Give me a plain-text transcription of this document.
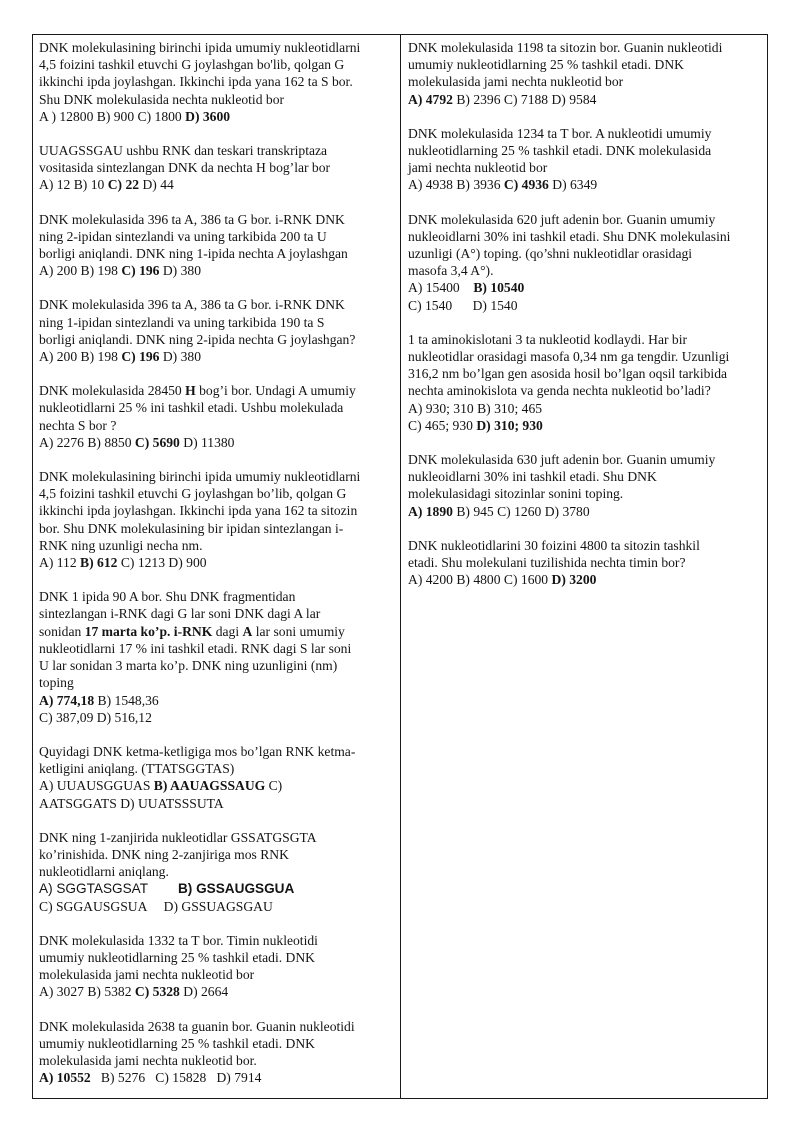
DNK molekulasining birinchi ipida umumiy nukleotidlarni
4,5 foizini tashkil etuvchi G joylashgan bo'lib, qolgan G
ikkinchi ipda joylashgan. Ikkinchi ipda yana 162 ta S bor.
Shu DNK molekulasida nechta nukleotid bor
A ) 12800 B) 900 C) 1800 D) 3600
UUAGSSGAU ushbu RNK dan teskari transkriptaza
vositasida sintezlangan DNK da nechta H bog’lar bor
A) 12 B) 10 C) 22 D) 44
DNK molekulasida 396 ta A, 386 ta G bor. i-RNK DNK
ning 2-ipidan sintezlandi va uning tarkibida 200 ta U
borligi aniqlandi. DNK ning 1-ipida nechta A joylashgan
A) 200 B) 198 C) 196 D) 380
DNK molekulasida 396 ta A, 386 ta G bor. i-RNK DNK
ning 1-ipidan sintezlandi va uning tarkibida 190 ta S
borligi aniqlandi. DNK ning 2-ipida nechta G joylashgan?
A) 200 B) 198 C) 196 D) 380
DNK molekulasida 28450 H bog’i bor. Undagi A umumiy
nukleotidlarni 25 % ini tashkil etadi. Ushbu molekulada
nechta S bor ?
A) 2276 B) 8850 C) 5690 D) 11380
DNK molekulasining birinchi ipida umumiy nukleotidlarni
4,5 foizini tashkil etuvchi G joylashgan bo’lib, qolgan G
ikkinchi ipda joylashgan. Ikkinchi ipda yana 162 ta sitozin
bor. Shu DNK molekulasining bir ipidan sintezlangan i-
RNK ning uzunligi necha nm.
A) 112 B) 612 C) 1213 D) 900
DNK 1 ipida 90 A bor. Shu DNK fragmentidan
sintezlangan i-RNK dagi G lar soni DNK dagi A lar
sonidan 17 marta ko’p. i-RNK dagi A lar soni umumiy
nukleotidlarni 17 % ini tashkil etadi. RNK dagi S lar soni
U lar sonidan 3 marta ko’p. DNK ning uzunligini (nm)
toping
A) 774,18 B) 1548,36
C) 387,09 D) 516,12
Quyidagi DNK ketma-ketligiga mos bo’lgan RNK ketma-
ketligini aniqlang. (TTATSGGTAS)
A) UUAUSGGUAS B) AAUAGSSAUG C)
AATSGGATS D) UUATSSSUTA
DNK ning 1-zanjirida nukleotidlar GSSATGSGTA
ko’rinishida. DNK ning 2-zanjiriga mos RNK
nukleotidlarni aniqlang.
A) SGGTASGSAT        B) GSSAUGSGUA
C) SGGAUSGSUA     D) GSSUAGSGAU
DNK molekulasida 1332 ta T bor. Timin nukleotidi
umumiy nukleotidlarning 25 % tashkil etadi. DNK
molekulasida jami nechta nukleotid bor
A) 3027 B) 5382 C) 5328 D) 2664
DNK molekulasida 2638 ta guanin bor. Guanin nukleotidi
umumiy nukleotidlarning 25 % tashkil etadi. DNK
molekulasida jami nechta nukleotid bor.
A) 10552   B) 5276   C) 15828   D) 7914
DNK molekulasida 1198 ta sitozin bor. Guanin nukleotidi
umumiy nukleotidlarning 25 % tashkil etadi. DNK
molekulasida jami nechta nukleotid bor
A) 4792 B) 2396 C) 7188 D) 9584
DNK molekulasida 1234 ta T bor. A nukleotidi umumiy
nukleotidlarning 25 % tashkil etadi. DNK molekulasida
jami nechta nukleotid bor
A) 4938 B) 3936 C) 4936 D) 6349
DNK molekulasida 620 juft adenin bor. Guanin umumiy
nukleoidlarni 30% ini tashkil etadi. Shu DNK molekulasini
uzunligi (A°) toping. (qo’shni nukleotidlar orasidagi
masofa 3,4 A°).
A) 15400    B) 10540
C) 1540      D) 1540
1 ta aminokislotani 3 ta nukleotid kodlaydi. Har bir
nukleotidlar orasidagi masofa 0,34 nm ga tengdir. Uzunligi
316,2 nm bo’lgan gen asosida hosil bo’lgan oqsil tarkibida
nechta aminokislota va genda nechta nukleotid bo’ladi?
A) 930; 310 B) 310; 465
C) 465; 930 D) 310; 930
DNK molekulasida 630 juft adenin bor. Guanin umumiy
nukleoidlarni 30% ini tashkil etadi. Shu DNK
molekulasidagi sitozinlar sonini toping.
A) 1890 B) 945 C) 1260 D) 3780
DNK nukleotidlarini 30 foizini 4800 ta sitozin tashkil
etadi. Shu molekulani tuzilishida nechta timin bor?
A) 4200 B) 4800 C) 1600 D) 3200
